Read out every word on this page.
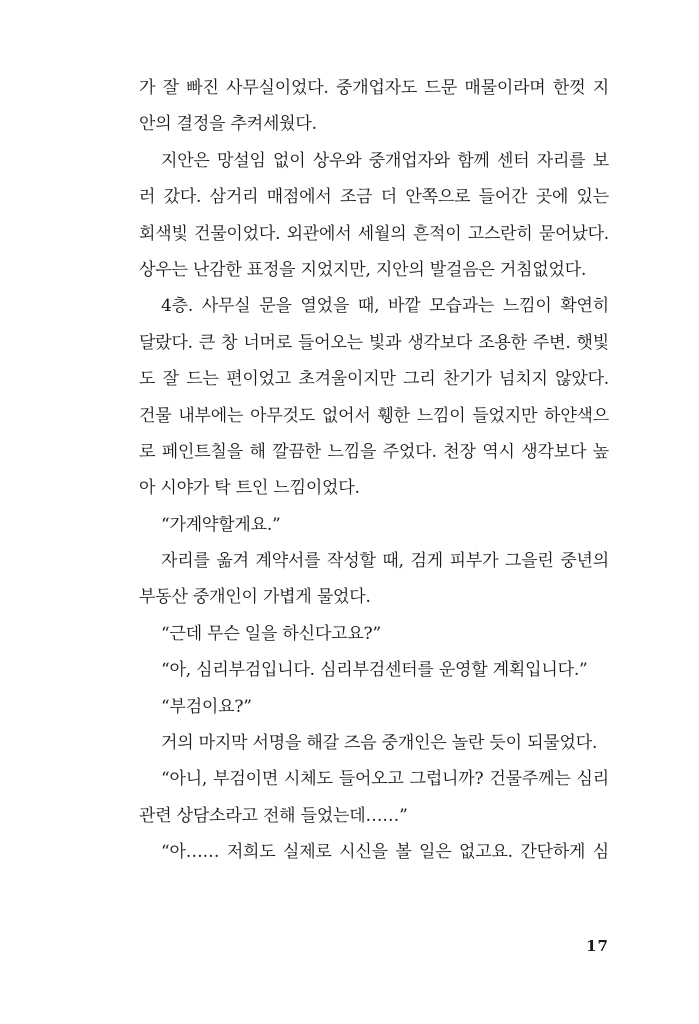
가 잘 빠진 사무실이었다. 중개업자도 드문 매물이라며 한껏 지
안의 결정을 추켜세웠다.
지안은 망설임 없이 상우와 중개업자와 함께 센터 자리를 보
러 갔다. 삼거리 매점에서 조금 더 안쪽으로 들어간 곳에 있는
회색빛 건물이었다. 외관에서 세월의 흔적이 고스란히 묻어났다.
상우는 난감한 표정을 지었지만, 지안의 발걸음은 거침없었다.
4층. 사무실 문을 열었을 때, 바깥 모습과는 느낌이 확연히
달랐다. 큰 창 너머로 들어오는 빛과 생각보다 조용한 주변. 햇빛
도 잘 드는 편이었고 초겨울이지만 그리 찬기가 넘치지 않았다.
건물 내부에는 아무것도 없어서 휑한 느낌이 들었지만 하얀색으
로 페인트칠을 해 깔끔한 느낌을 주었다. 천장 역시 생각보다 높
아 시야가 탁 트인 느낌이었다.
“가계약할게요.”
자리를 옮겨 계약서를 작성할 때, 검게 피부가 그을린 중년의
부동산 중개인이 가볍게 물었다.
“근데 무슨 일을 하신다고요?”
“아, 심리부검입니다. 심리부검센터를 운영할 계획입니다.”
“부검이요?”
거의 마지막 서명을 해갈 즈음 중개인은 놀란 듯이 되물었다.
“아니, 부검이면 시체도 들어오고 그럽니까? 건물주께는 심리
관련 상담소라고 전해 들었는데……”
“아…… 저희도 실제로 시신을 볼 일은 없고요. 간단하게 심
17
